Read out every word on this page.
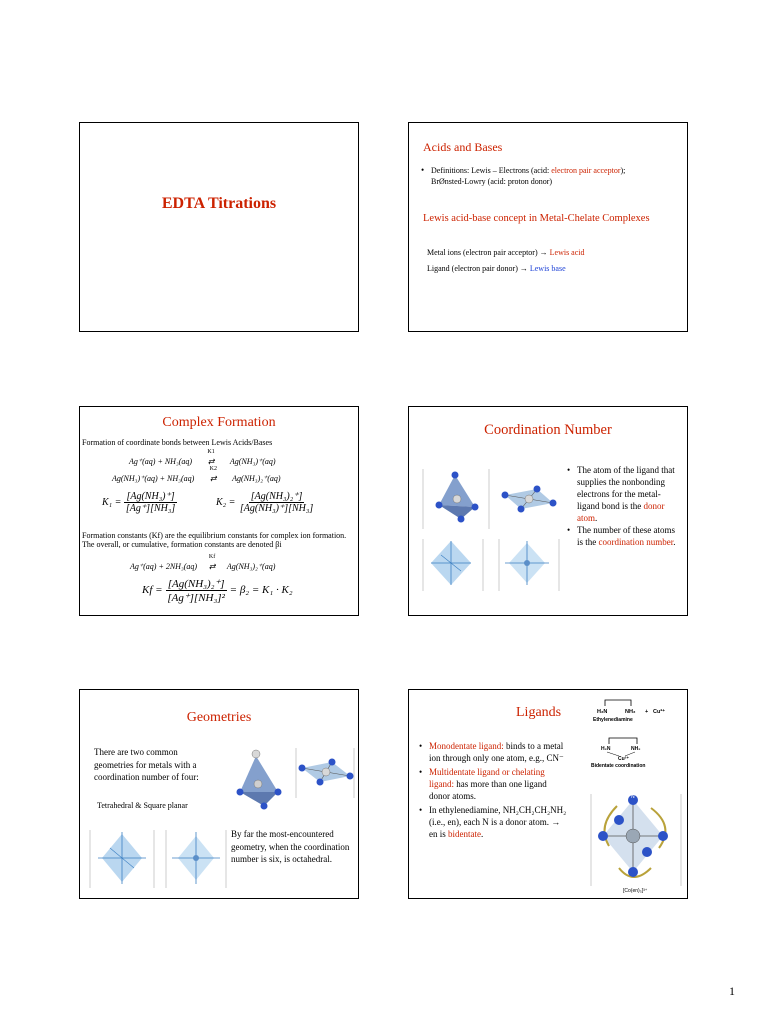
EDTA Titrations
Acids and Bases
• Definitions: Lewis – Electrons (acid: electron pair acceptor);
BrØnsted-Lowry (acid: proton donor)
Lewis acid-base concept in Metal-Chelate Complexes
Metal ions (electron pair acceptor) → Lewis acid
Ligand (electron pair donor) → Lewis base
Complex Formation
Formation of coordinate bonds between Lewis Acids/Bases
Ag⁺(aq) + NH₃(aq)
K1
⇄ Ag(NH₃)⁺(aq)
Ag(NH₃)⁺(aq) + NH₃(aq)
K2
⇄ Ag(NH₃)₂⁺(aq)
$K_1 = \frac{\text{[Ag(NH₃)⁺]}}{\text{[Ag⁺][NH₃]}}$	$K_2 = \frac{\text{[Ag(NH₃)₂⁺]}}{\text{[Ag(NH₃)⁺][NH₃]}}$
Formation constants (Kf) are the equilibrium constants for complex ion formation. The overall, or cumulative, formation constants are denoted βi
Ag⁺(aq) + 2NH₃(aq)
Kf
⇄ Ag(NH₃)₂⁺(aq)
$Kf = \frac{\text{[Ag(NH₃)₂⁺]}}{\text{[Ag⁺][NH₃]²}} = \beta_2 = K_1 \cdot K_2$
Coordination Number
• The atom of the ligand that supplies the nonbonding electrons for the metal-ligand bond is the donor atom.
• The number of these atoms is the coordination number.
Geometries
There are two common geometries for metals with a coordination number of four:
Tetrahedral & Square planar
By far the most-encountered geometry, when the coordination number is six, is octahedral.
Ligands
• Monodentate ligand: binds to a metal ion through only one atom, e.g., CN⁻
• Multidentate ligand or chelating ligand: has more than one ligand donor atoms.
• In ethylenediamine, NH₂CH₂CH₂NH₂ (i.e., en), each N is a donor atom. → en is bidentate.
H₂N	NH₂ + Cu²⁺
Ethylenediamine
H₂N	NH₂
Cu²⁺
Bidentate coordination
N
[Co(en)₃]³⁺
1
